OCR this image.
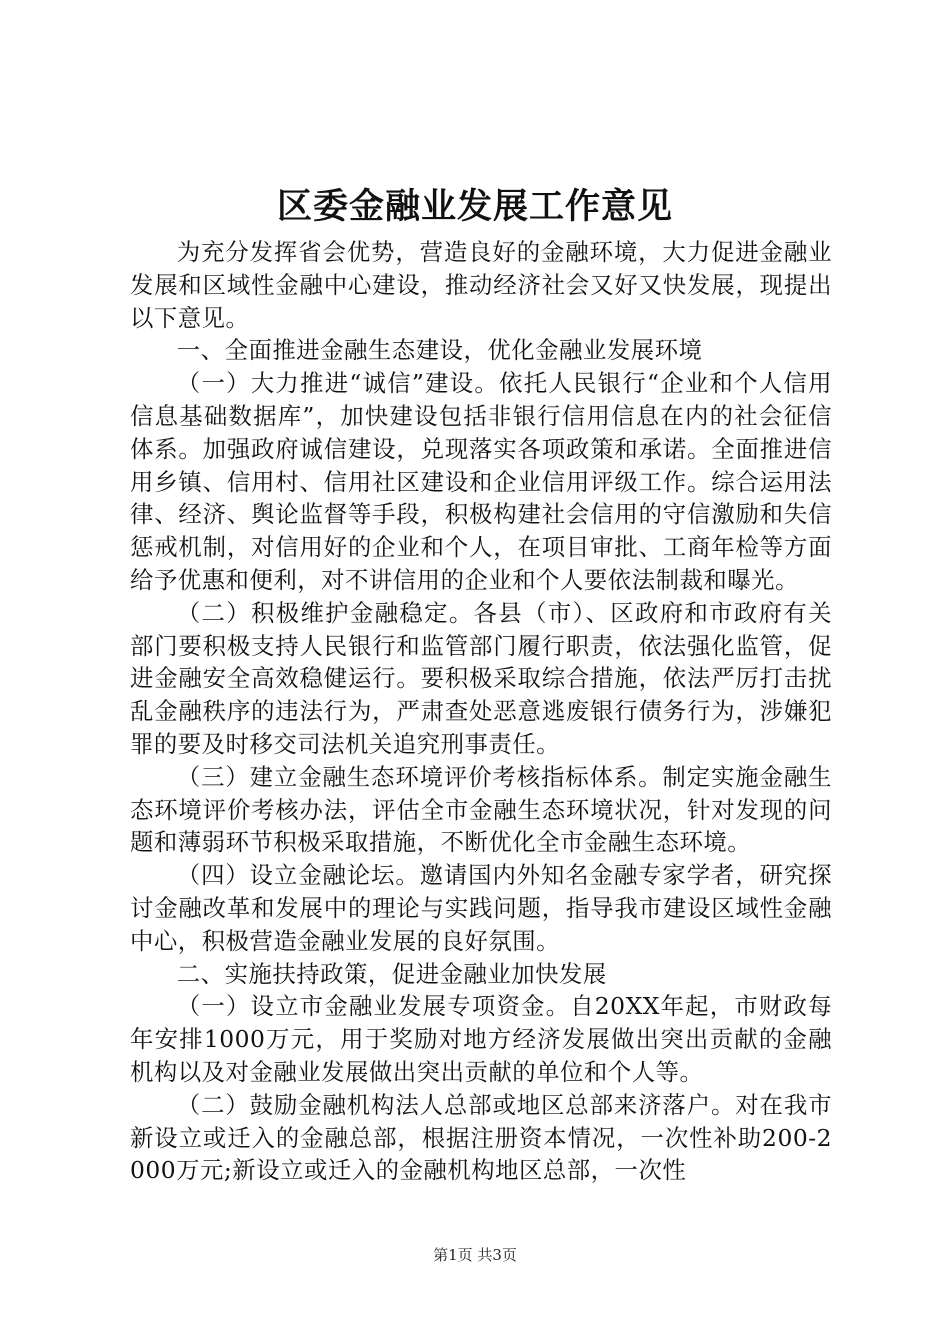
区委金融业发展工作意见

为充分发挥省会优势，营造良好的金融环境，大力促进金融业发展和区域性金融中心建设，推动经济社会又好又快发展，现提出以下意见。

一、全面推进金融生态建设，优化金融业发展环境

（一）大力推进“诚信”建设。依托人民银行“企业和个人信用信息基础数据库”，加快建设包括非银行信用信息在内的社会征信体系。加强政府诚信建设，兑现落实各项政策和承诺。全面推进信用乡镇、信用村、信用社区建设和企业信用评级工作。综合运用法律、经济、舆论监督等手段，积极构建社会信用的守信激励和失信惩戒机制，对信用好的企业和个人，在项目审批、工商年检等方面给予优惠和便利，对不讲信用的企业和个人要依法制裁和曝光。

（二）积极维护金融稳定。各县（市）、区政府和市政府有关部门要积极支持人民银行和监管部门履行职责，依法强化监管，促进金融安全高效稳健运行。要积极采取综合措施，依法严厉打击扰乱金融秩序的违法行为，严肃查处恶意逃废银行债务行为，涉嫌犯罪的要及时移交司法机关追究刑事责任。

（三）建立金融生态环境评价考核指标体系。制定实施金融生态环境评价考核办法，评估全市金融生态环境状况，针对发现的问题和薄弱环节积极采取措施，不断优化全市金融生态环境。

（四）设立金融论坛。邀请国内外知名金融专家学者，研究探讨金融改革和发展中的理论与实践问题，指导我市建设区域性金融中心，积极营造金融业发展的良好氛围。

二、实施扶持政策，促进金融业加快发展

（一）设立市金融业发展专项资金。自20XX年起，市财政每年安排1000万元，用于奖励对地方经济发展做出突出贡献的金融机构以及对金融业发展做出突出贡献的单位和个人等。

（二）鼓励金融机构法人总部或地区总部来济落户。对在我市新设立或迁入的金融总部，根据注册资本情况，一次性补助200-2000万元;新设立或迁入的金融机构地区总部，一次性

第1页 共3页
